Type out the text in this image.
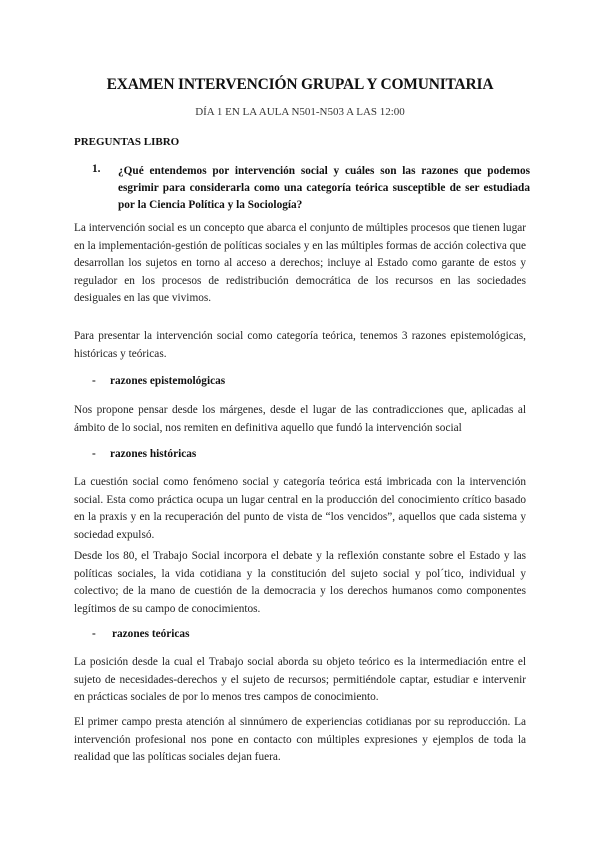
EXAMEN INTERVENCIÓN GRUPAL Y COMUNITARIA
DÍA 1 EN LA AULA N501-N503 A LAS 12:00
PREGUNTAS LIBRO
1. ¿Qué entendemos por intervención social y cuáles son las razones que podemos esgrimir para considerarla como una categoría teórica susceptible de ser estudiada por la Ciencia Política y la Sociología?
La intervención social es un concepto que abarca el conjunto de múltiples procesos que tienen lugar en la implementación-gestión de políticas sociales y en las múltiples formas de acción colectiva que desarrollan los sujetos en torno al acceso a derechos; incluye al Estado como garante de estos y regulador en los procesos de redistribución democrática de los recursos en las sociedades desiguales en las que vivimos.
Para presentar la intervención social como categoría teórica, tenemos 3 razones epistemológicas, históricas y teóricas.
- razones epistemológicas
Nos propone pensar desde los márgenes, desde el lugar de las contradicciones que, aplicadas al ámbito de lo social, nos remiten en definitiva aquello que fundó la intervención social
- razones históricas
La cuestión social como fenómeno social y categoría teórica está imbricada con la intervención social. Esta como práctica ocupa un lugar central en la producción del conocimiento crítico basado en la praxis y en la recuperación del punto de vista de “los vencidos”, aquellos que cada sistema y sociedad expulsó.
Desde los 80, el Trabajo Social incorpora el debate y la reflexión constante sobre el Estado y las políticas sociales, la vida cotidiana y la constitución del sujeto social y pol´tico, individual y colectivo; de la mano de cuestión de la democracia y los derechos humanos como componentes legítimos de su campo de conocimientos.
- razones teóricas
La posición desde la cual el Trabajo social aborda su objeto teórico es la intermediación entre el sujeto de necesidades-derechos y el sujeto de recursos; permitiéndole captar, estudiar e intervenir en prácticas sociales de por lo menos tres campos de conocimiento.
El primer campo presta atención al sinnúmero de experiencias cotidianas por su reproducción. La intervención profesional nos pone en contacto con múltiples expresiones y ejemplos de toda la realidad que las políticas sociales dejan fuera.
